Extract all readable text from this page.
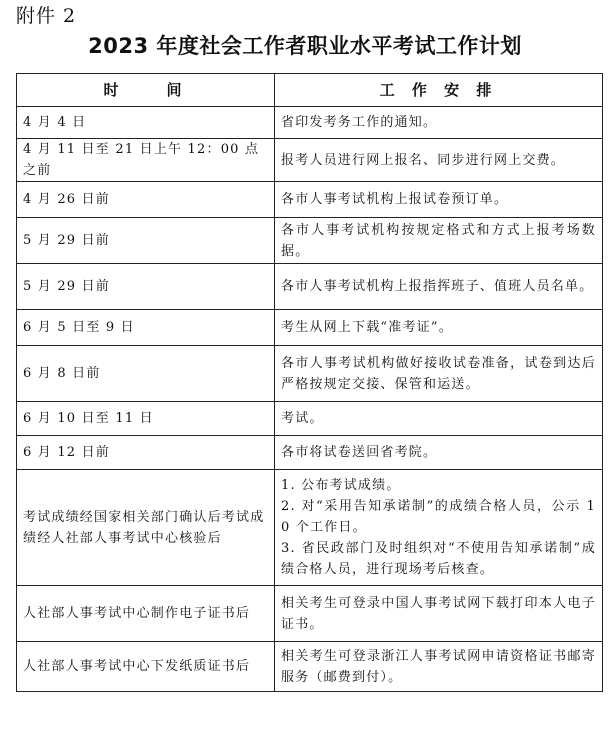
附件 2
2023 年度社会工作者职业水平考试工作计划
时　　间	工 作 安 排
4 月 4 日	省印发考务工作的通知。

4 月 11 日至 21 日上午 12：00 点之前	报考人员进行网上报名、同步进行网上交费。

4 月 26 日前	各市人事考试机构上报试卷预订单。

5 月 29 日前	各市人事考试机构按规定格式和方式上报考场数据。

5 月 29 日前	各市人事考试机构上报指挥班子、值班人员名单。

6 月 5 日至 9 日	考生从网上下载“准考证”。

6 月 8 日前	各市人事考试机构做好接收试卷准备，试卷到达后严格按规定交接、保管和运送。

6 月 10 日至 11 日	考试。

6 月 12 日前	各市将试卷送回省考院。

考试成绩经国家相关部门确认后考试成绩经人社部人事考试中心核验后	1. 公布考试成绩。
2. 对“采用告知承诺制”的成绩合格人员，公示 10 个工作日。
3. 省民政部门及时组织对“不使用告知承诺制”成绩合格人员，进行现场考后核查。

人社部人事考试中心制作电子证书后	相关考生可登录中国人事考试网下载打印本人电子证书。

人社部人事考试中心下发纸质证书后	相关考生可登录浙江人事考试网申请资格证书邮寄服务（邮费到付）。
